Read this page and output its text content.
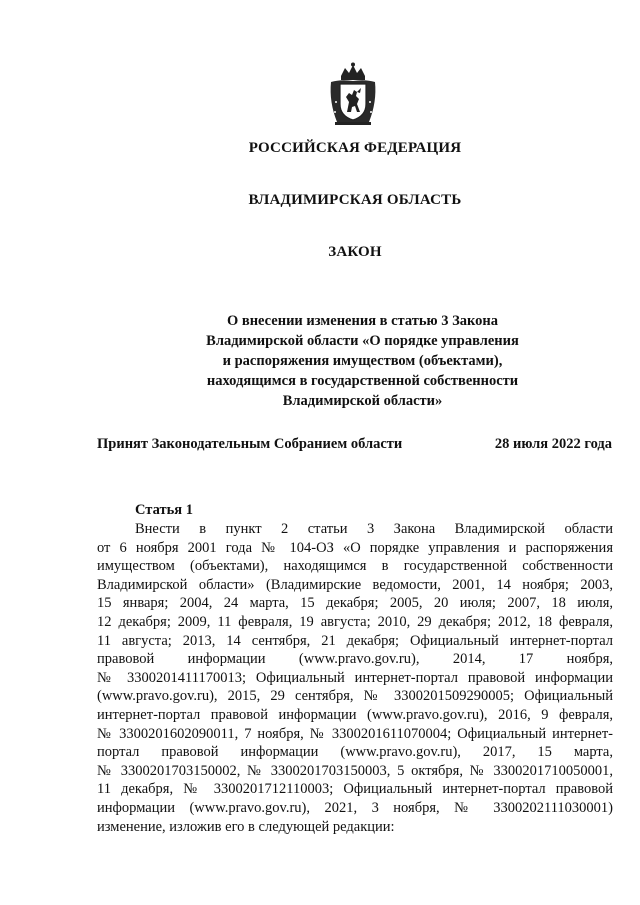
РОССИЙСКАЯ ФЕДЕРАЦИЯ
ВЛАДИМИРСКАЯ ОБЛАСТЬ
ЗАКОН
О внесении изменения в статью 3 Закона
Владимирской области «О порядке управления
и распоряжения имуществом (объектами),
находящимся в государственной собственности
Владимирской области»
Принят Законодательным Собранием области	28 июля 2022 года
Статья 1
Внести в пункт 2 статьи 3 Закона Владимирской области
от 6 ноября 2001 года № 104-ОЗ «О порядке управления и распоряжения
имуществом (объектами), находящимся в государственной собственности
Владимирской области» (Владимирские ведомости, 2001, 14 ноября; 2003,
15 января; 2004, 24 марта, 15 декабря; 2005, 20 июля; 2007, 18 июля,
12 декабря; 2009, 11 февраля, 19 августа; 2010, 29 декабря; 2012, 18 февраля,
11 августа; 2013, 14 сентября, 21 декабря; Официальный интернет-портал
правовой информации (www.pravo.gov.ru), 2014, 17 ноября,
№ 3300201411170013; Официальный интернет-портал правовой информации
(www.pravo.gov.ru), 2015, 29 сентября, № 3300201509290005; Официальный
интернет-портал правовой информации (www.pravo.gov.ru), 2016, 9 февраля,
№ 3300201602090011, 7 ноября, № 3300201611070004; Официальный интернет-
портал правовой информации (www.pravo.gov.ru), 2017, 15 марта,
№ 3300201703150002, № 3300201703150003, 5 октября, № 3300201710050001,
11 декабря, № 3300201712110003; Официальный интернет-портал правовой
информации (www.pravo.gov.ru), 2021, 3 ноября, № 3300202111030001)
изменение, изложив его в следующей редакции:
